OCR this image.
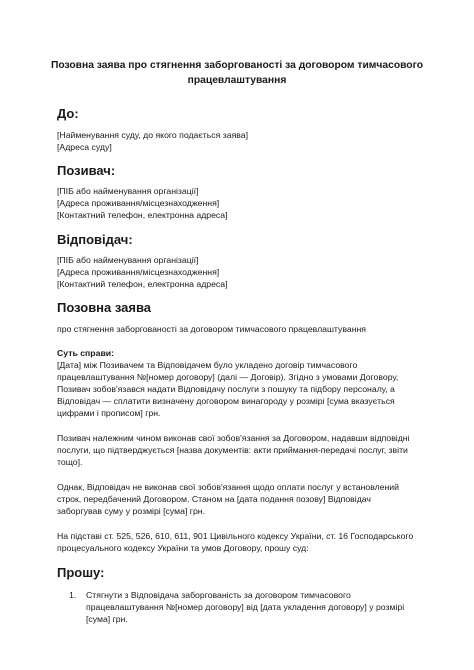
Позовна заява про стягнення заборгованості за договором тимчасового
працевлаштування
До:
[Найменування суду, до якого подається заява]
[Адреса суду]
Позивач:
[ПІБ або найменування організації]
[Адреса проживання/місцезнаходження]
[Контактний телефон, електронна адреса]
Відповідач:
[ПІБ або найменування організації]
[Адреса проживання/місцезнаходження]
[Контактний телефон, електронна адреса]
Позовна заява
про стягнення заборгованості за договором тимчасового працевлаштування
Суть справи:
[Дата] між Позивачем та Відповідачем було укладено договір тимчасового
працевлаштування №[номер договору] (далі — Договір). Згідно з умовами Договору,
Позивач зобов'язався надати Відповідачу послуги з пошуку та підбору персоналу, а
Відповідач — сплатити визначену договором винагороду у розмірі [сума вказується
цифрами і прописом] грн.
Позивач належним чином виконав свої зобов'язання за Договором, надавши відповідні
послуги, що підтверджується [назва документів: акти приймання-передачі послуг, звіти
тощо].
Однак, Відповідач не виконав свої зобов'язання щодо оплати послуг у встановлений
строк, передбачений Договором. Станом на [дата подання позову] Відповідач
заборгував суму у розмірі [сума] грн.
На підставі ст. 525, 526, 610, 611, 901 Цивільного кодексу України, ст. 16 Господарського
процесуального кодексу України та умов Договору, прошу суд:
Прошу:
1. Стягнути з Відповідача заборгованість за договором тимчасового
працевлаштування №[номер договору] від [дата укладення договору] у розмірі
[сума] грн.
